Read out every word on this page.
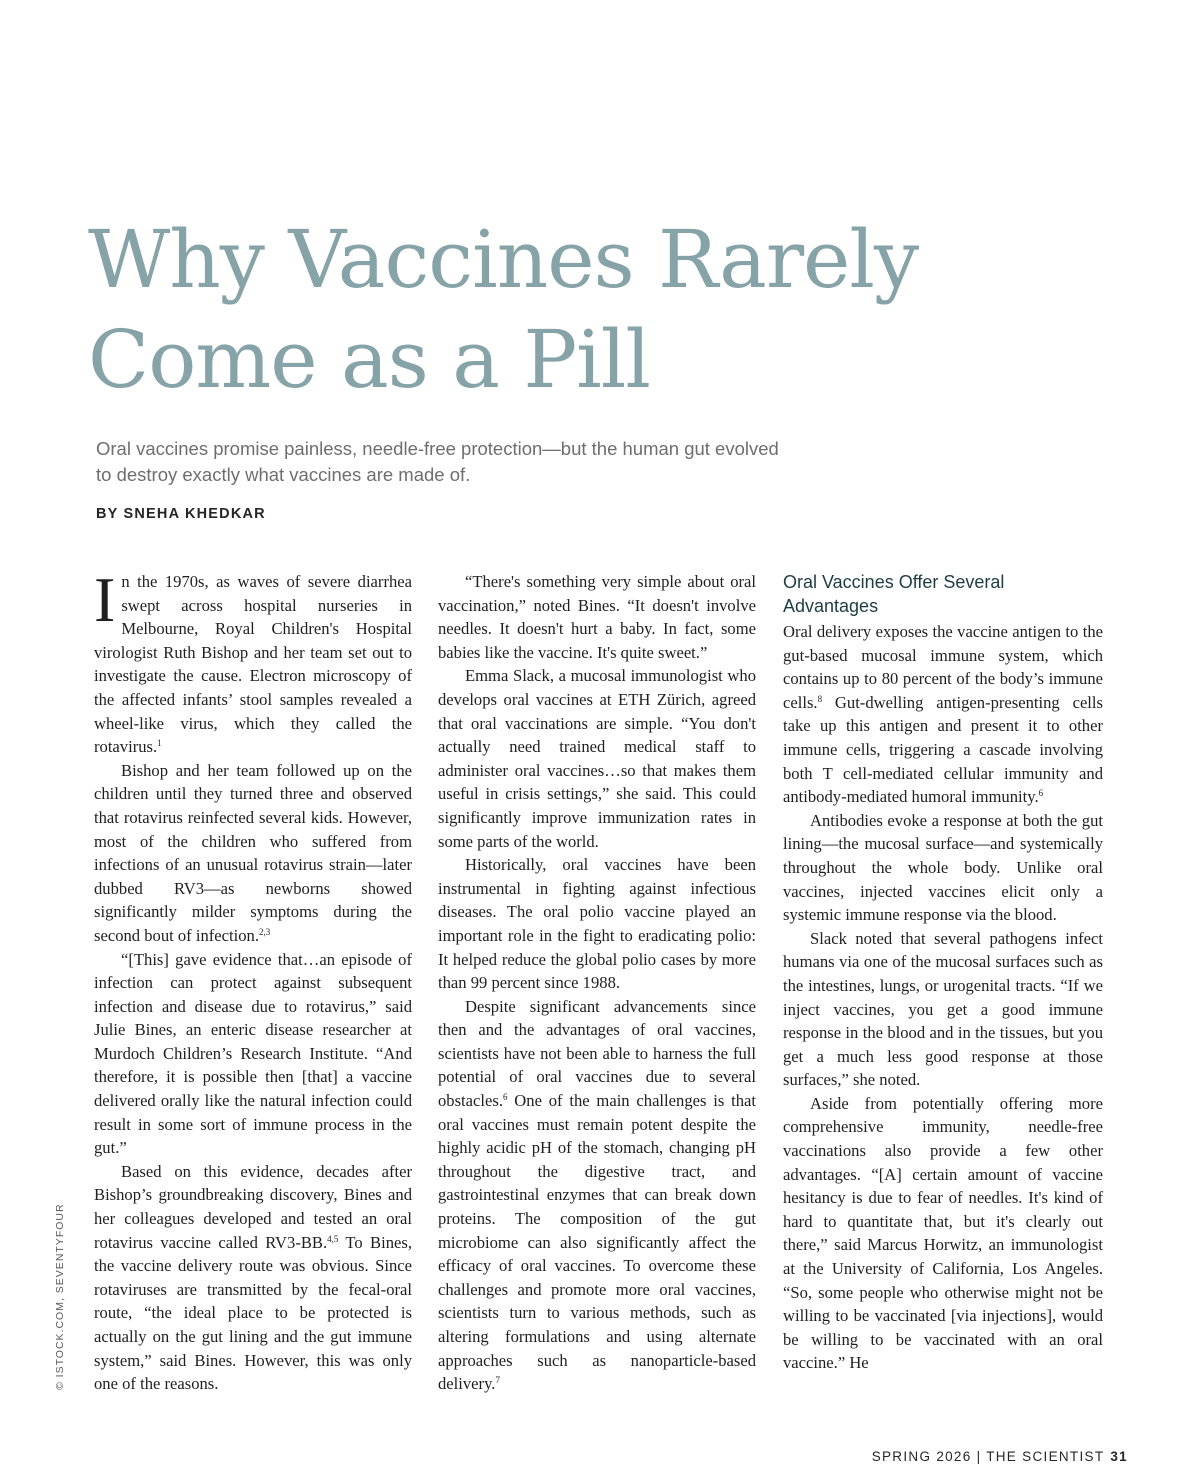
Why Vaccines Rarely
Come as a Pill
Oral vaccines promise painless, needle-free protection—but the human gut evolved
to destroy exactly what vaccines are made of.
BY SNEHA KHEDKAR

In the 1970s, as waves of severe diarrhea swept across hospital nurseries in Melbourne, Royal Children's Hospital virologist Ruth Bishop and her team set out to investigate the cause. Electron microscopy of the affected infants’ stool samples revealed a wheel-like virus, which they called the rotavirus.$^1$

Bishop and her team followed up on the children until they turned three and observed that rotavirus reinfected several kids. However, most of the children who suffered from infections of an unusual rotavirus strain—later dubbed RV3—as newborns showed significantly milder symptoms during the second bout of infection.$^{2,3}$

“[This] gave evidence that…an episode of infection can protect against subsequent infection and disease due to rotavirus,” said Julie Bines, an enteric disease researcher at Murdoch Children’s Research Institute. “And therefore, it is possible then [that] a vaccine delivered orally like the natural infection could result in some sort of immune process in the gut.”

Based on this evidence, decades after Bishop’s groundbreaking discovery, Bines and her colleagues developed and tested an oral rotavirus vaccine called RV3-BB.$^{4,5}$ To Bines, the vaccine delivery route was obvious. Since rotaviruses are transmitted by the fecal-oral route, “the ideal place to be protected is actually on the gut lining and the gut immune system,” said Bines. However, this was only one of the reasons.

“There's something very simple about oral vaccination,” noted Bines. “It doesn't involve needles. It doesn't hurt a baby. In fact, some babies like the vaccine. It's quite sweet.”

Emma Slack, a mucosal immunologist who develops oral vaccines at ETH Zürich, agreed that oral vaccinations are simple. “You don't actually need trained medical staff to administer oral vaccines…so that makes them useful in crisis settings,” she said. This could significantly improve immunization rates in some parts of the world.

Historically, oral vaccines have been instrumental in fighting against infectious diseases. The oral polio vaccine played an important role in the fight to eradicating polio: It helped reduce the global polio cases by more than 99 percent since 1988.

Despite significant advancements since then and the advantages of oral vaccines, scientists have not been able to harness the full potential of oral vaccines due to several obstacles.$^6$ One of the main challenges is that oral vaccines must remain potent despite the highly acidic pH of the stomach, changing pH throughout the digestive tract, and gastrointestinal enzymes that can break down proteins. The composition of the gut microbiome can also significantly affect the efficacy of oral vaccines. To overcome these challenges and promote more oral vaccines, scientists turn to various methods, such as altering formulations and using alternate approaches such as nanoparticle-based delivery.$^7$

Oral Vaccines Offer Several
Advantages

Oral delivery exposes the vaccine antigen to the gut-based mucosal immune system, which contains up to 80 percent of the body’s immune cells.$^8$ Gut-dwelling antigen-presenting cells take up this antigen and present it to other immune cells, triggering a cascade involving both T cell-mediated cellular immunity and antibody-mediated humoral immunity.$^6$

Antibodies evoke a response at both the gut lining—the mucosal surface—and systemically throughout the whole body. Unlike oral vaccines, injected vaccines elicit only a systemic immune response via the blood.

Slack noted that several pathogens infect humans via one of the mucosal surfaces such as the intestines, lungs, or urogenital tracts. “If we inject vaccines, you get a good immune response in the blood and in the tissues, but you get a much less good response at those surfaces,” she noted.

Aside from potentially offering more comprehensive immunity, needle-free vaccinations also provide a few other advantages. “[A] certain amount of vaccine hesitancy is due to fear of needles. It's kind of hard to quantitate that, but it's clearly out there,” said Marcus Horwitz, an immunologist at the University of California, Los Angeles. “So, some people who otherwise might not be willing to be vaccinated [via injections], would be willing to be vaccinated with an oral vaccine.” He

© ISTOCK.COM, SEVENTYFOUR
SPRING 2026 | THE SCIENTIST 31
